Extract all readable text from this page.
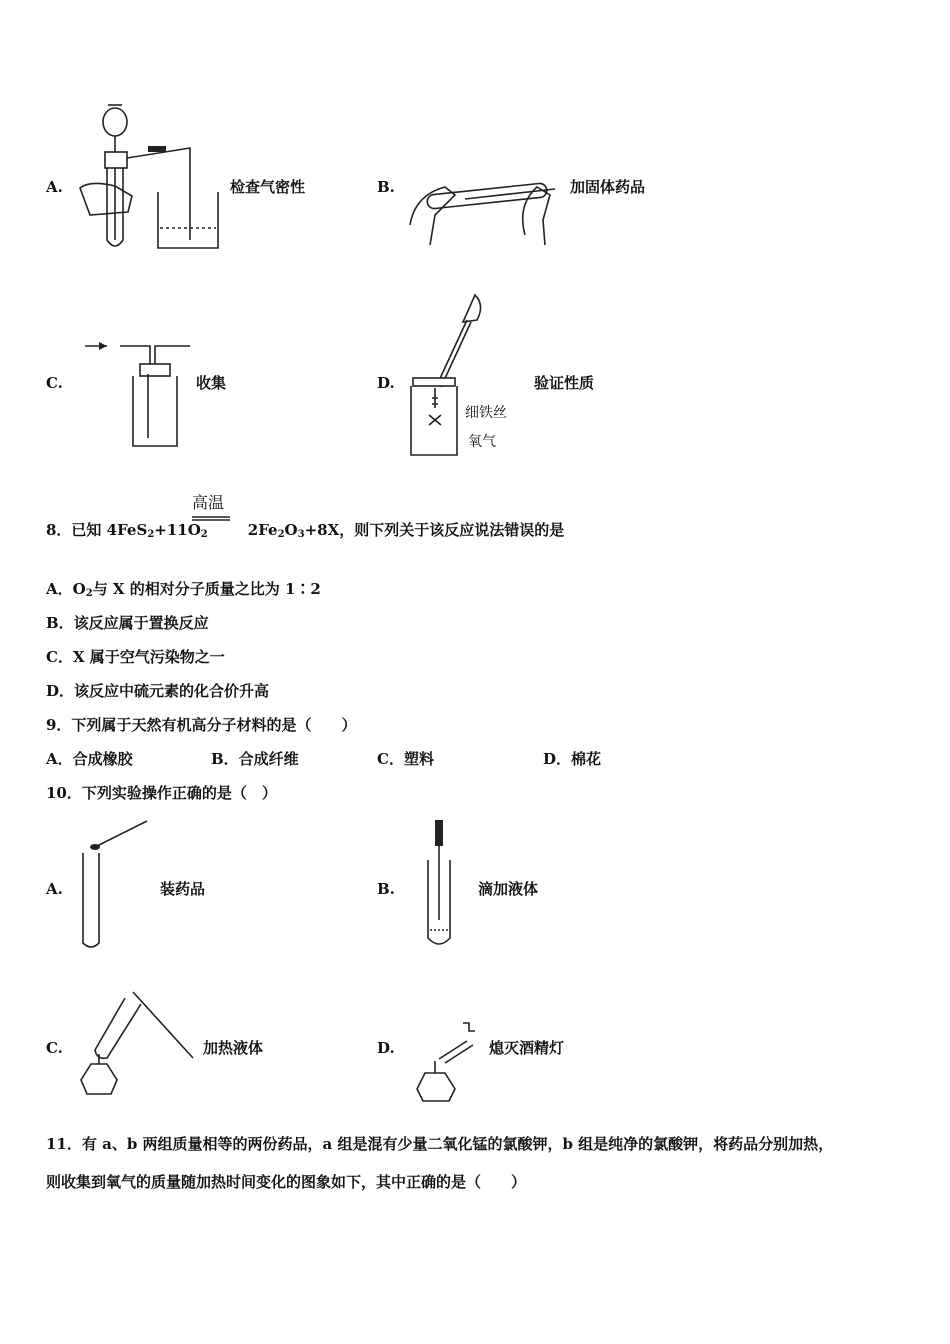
A.	检查气密性	B.	加固体药品
C.	收集	D.
细铁丝
氧气
验证性质
8．已知 $4FeS_2+11O_2$	$2Fe_2O_3+8X$，则下列关于该反应说法错误的是
高温
A．$O_2$与 X 的相对分子质量之比为 1∶2
B．该反应属于置换反应
C．X 属于空气污染物之一
D．该反应中硫元素的化合价升高
9．下列属于天然有机高分子材料的是（　　）
A．合成橡胶	B．合成纤维	C．塑料	D．棉花
10．下列实验操作正确的是（　）
A.	装药品	B.	滴加液体
C.	加热液体	D.	熄灭酒精灯
11．有 a、b 两组质量相等的两份药品，a 组是混有少量二氧化锰的氯酸钾，b 组是纯净的氯酸钾，将药品分别加热，
则收集到氧气的质量随加热时间变化的图象如下，其中正确的是（　　）
